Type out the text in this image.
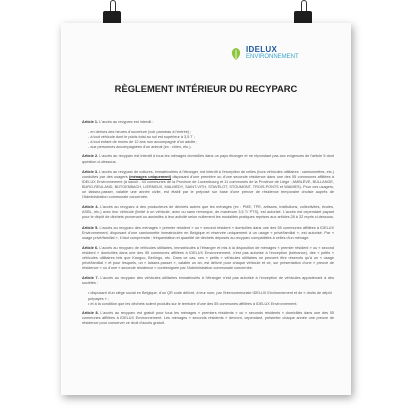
IDELUX
ENVIRONNEMENT
RÈGLEMENT INTÉRIEUR DU RECYPARC

Article 1. L'accès au recyparc est interdit :

- en dehors des heures d'ouverture (voir panneau à l'entrée) ;
- à tout véhicule dont le poids total au sol est supérieur à 3,5 T ;
- à tout enfant de moins de 12 ans non accompagné d'un adulte ;
- aux personnes accompagnées d'un animal (ex : chien, etc.).

Article 2. L'accès au recyparc est interdit à tous les ménages domiciliés dans un pays étranger et ne répondant pas aux exigences de l'article 5 dont question ci-dessous.

Article 3. L'accès au recyparc de voitures, immatriculées à l'étranger, est interdit à l'exception de celles (hors véhicules utilitaires : camionnettes, etc.) conduites par des usagers (ménages uniquement) disposant d'une première ou d'une seconde résidence dans une des 55 communes affiliées à IDELUX Environnement (à savoir : 44 communes de la Province de Luxembourg et 11 communes de la Province de Liège : AMBLÈVE, BULLANGE, BURG-REULAND, BÜTGENBACH, LIERNEUX, MALMEDY, SAINT-VITH, STAVELOT, STOUMONT, TROIS-PONTS et WAIMES). Pour ces usagers, un laissez-passer, valable une année civile, est établi par le préposé sur base d'une preuve de résidence temporaire choisie auprès de l'Administration communale concernée.

Article 4. L'accès au recyparc à des producteurs de déchets autres que les ménages (ex : PME, TPE, artisans, institutions, collectivités, écoles, ASBL, etc.) avec leur véhicule (limité à un véhicule, avec ou sans remorque, de maximum 3,5 T/ PTS), est autorisé. L'accès est cependant payant pour le dépôt de déchets provenant ou assimilés à leur activité selon nullement les modalités pratiques reprises aux articles 28 à 32 repris ci-dessous.

Article 5. L'accès au recyparc des ménages « premier résident » ou « second résident » domiciliés dans une des 55 communes affiliées à IDELUX Environnement, disposant d'une camionnette immatriculée en Belgique et réservée uniquement à un usage « privé/familial », est autorisé. Par « usage privé/familial », il faut comprendre : fréquentation et quantité de déchets déposés au recyparc compatibles à celles d'un ménage.

Article 6. L'accès au recyparc de véhicules utilitaires, immatriculés à l'étranger et mis à la disposition de ménages « premier résident » ou « second résident » domiciliés dans une des 55 communes affiliées à IDELUX Environnement, n'est pas autorisé à l'exception (tolérance), des « petits » véhicules utilitaires tels que Kangoo, Berlingo, etc. Dans ce cas, ces « petits » véhicules utilitaires ne peuvent être réservés qu'à un « usage privé/familial » et pour lesquels, un « laissez-passer », valable un an, est délivré pour chaque véhicule et ce, sur présentation d'une « preuve de résidence » ou d'une « seconde résidence » contresignée par l'Administration communale concernée.

Article 7. L'accès au recyparc des véhicules utilitaires immatriculés à l'étranger n'est pas autorisé à l'exception de véhicules appartenant à des sociétés :

• disposant d'un siège social en Belgique, d'un QR code délivré, à leur nom, par l'intercommunale IDELUX Environnement et de « droits de dépôt prépayés » ;
• et à la condition que les déchets soient produits sur le territoire d'une des 55 communes affiliées à IDELUX Environnement.

Article 8. L'accès au recyparc est gratuit pour tous les ménages « premiers résidents » ou « seconds résidents » domiciliés dans une des 55 communes affiliées à IDELUX Environnement. Les ménages « seconds résidents » devront, cependant, présenter chaque année une preuve de résidence pour conserver ce droit d'accès gratuit.
